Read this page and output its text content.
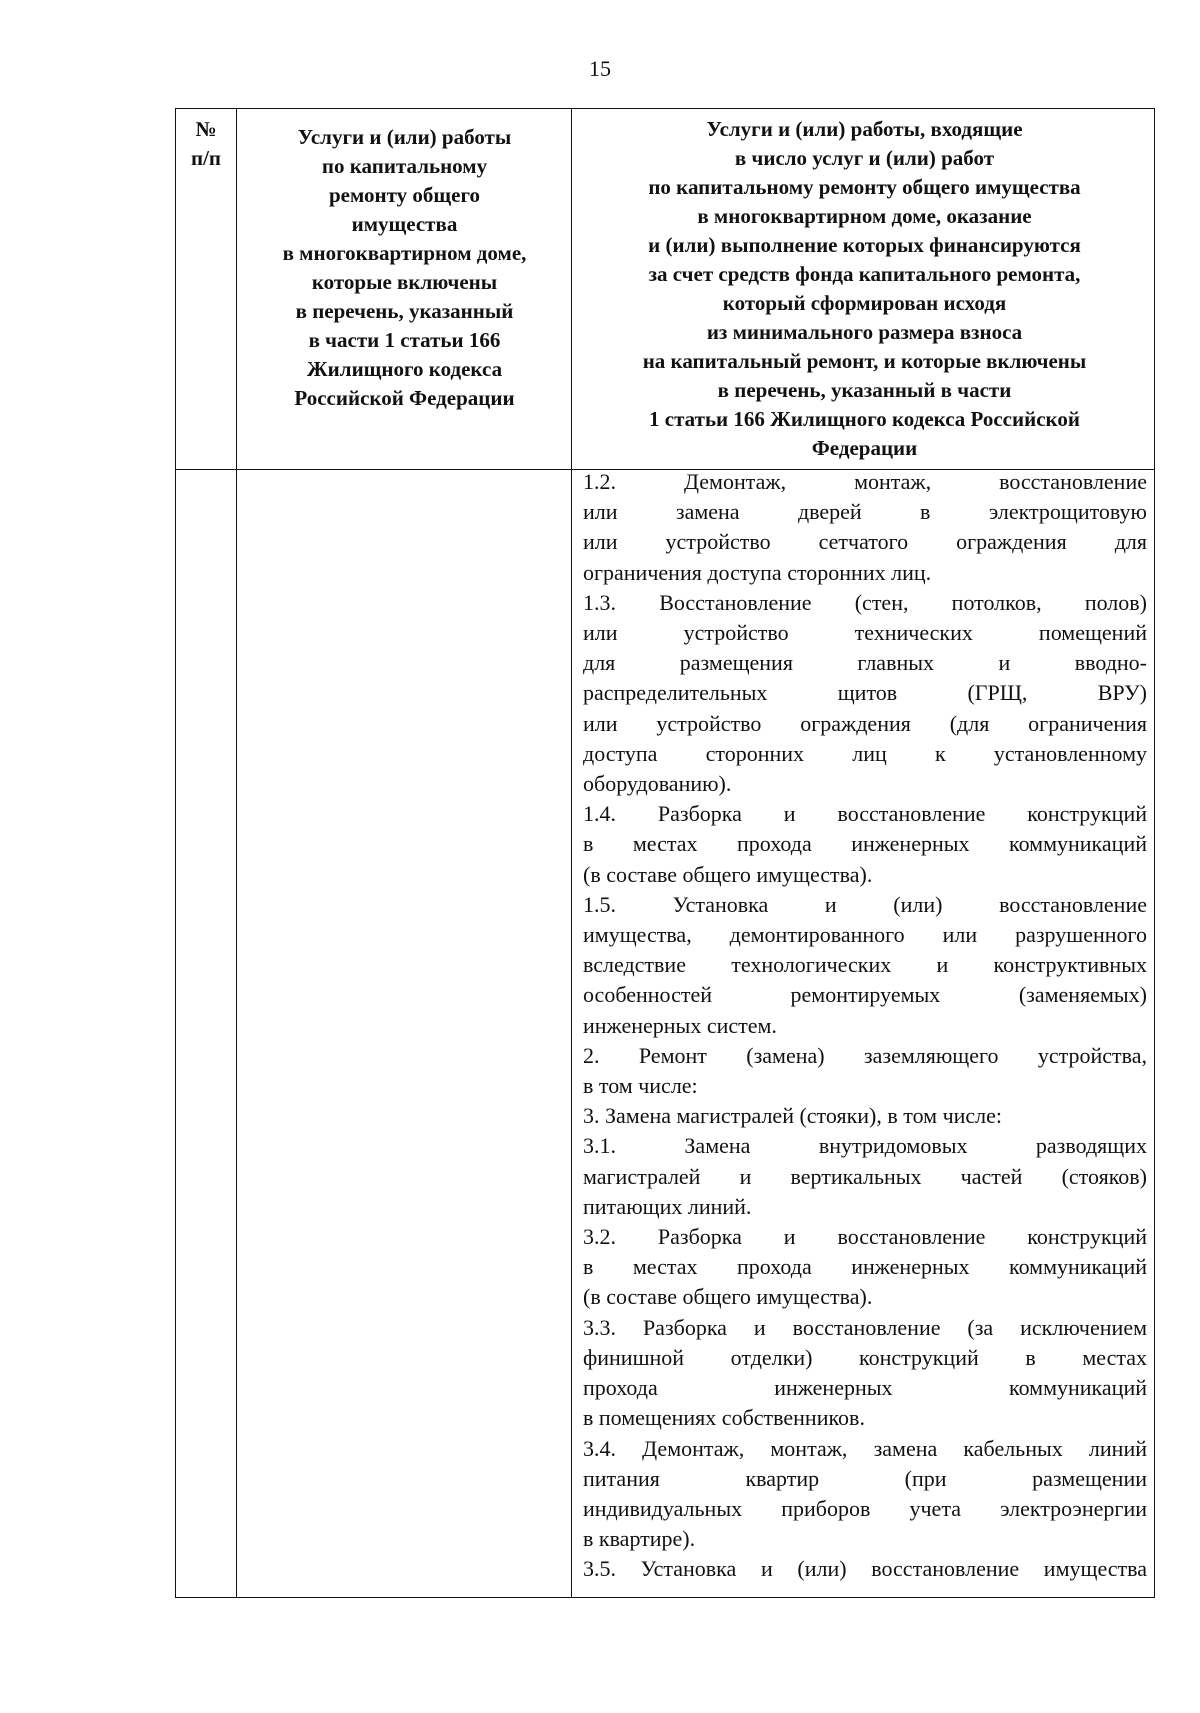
15
№
п/п
Услуги и (или) работы
по капитальному
ремонту общего
имущества
в многоквартирном доме,
которые включены
в перечень, указанный
в части 1 статьи 166
Жилищного кодекса
Российской Федерации
Услуги и (или) работы, входящие
в число услуг и (или) работ
по капитальному ремонту общего имущества
в многоквартирном доме, оказание
и (или) выполнение которых финансируются
за счет средств фонда капитального ремонта,
который сформирован исходя
из минимального размера взноса
на капитальный ремонт, и которые включены
в перечень, указанный в части
1 статьи 166 Жилищного кодекса Российской
Федерации
1.2. Демонтаж, монтаж, восстановление
или замена дверей в электрощитовую
или устройство сетчатого ограждения для
ограничения доступа сторонних лиц.
1.3. Восстановление (стен, потолков, полов)
или устройство технических помещений
для размещения главных и вводно-
распределительных щитов (ГРЩ, ВРУ)
или устройство ограждения (для ограничения
доступа сторонних лиц к установленному
оборудованию).
1.4. Разборка и восстановление конструкций
в местах прохода инженерных коммуникаций
(в составе общего имущества).
1.5. Установка и (или) восстановление
имущества, демонтированного или разрушенного
вследствие технологических и конструктивных
особенностей ремонтируемых (заменяемых)
инженерных систем.
2. Ремонт (замена) заземляющего устройства,
в том числе:
3. Замена магистралей (стояки), в том числе:
3.1. Замена внутридомовых разводящих
магистралей и вертикальных частей (стояков)
питающих линий.
3.2. Разборка и восстановление конструкций
в местах прохода инженерных коммуникаций
(в составе общего имущества).
3.3. Разборка и восстановление (за исключением
финишной отделки) конструкций в местах
прохода инженерных коммуникаций
в помещениях собственников.
3.4. Демонтаж, монтаж, замена кабельных линий
питания квартир (при размещении
индивидуальных приборов учета электроэнергии
в квартире).
3.5. Установка и (или) восстановление имущества
